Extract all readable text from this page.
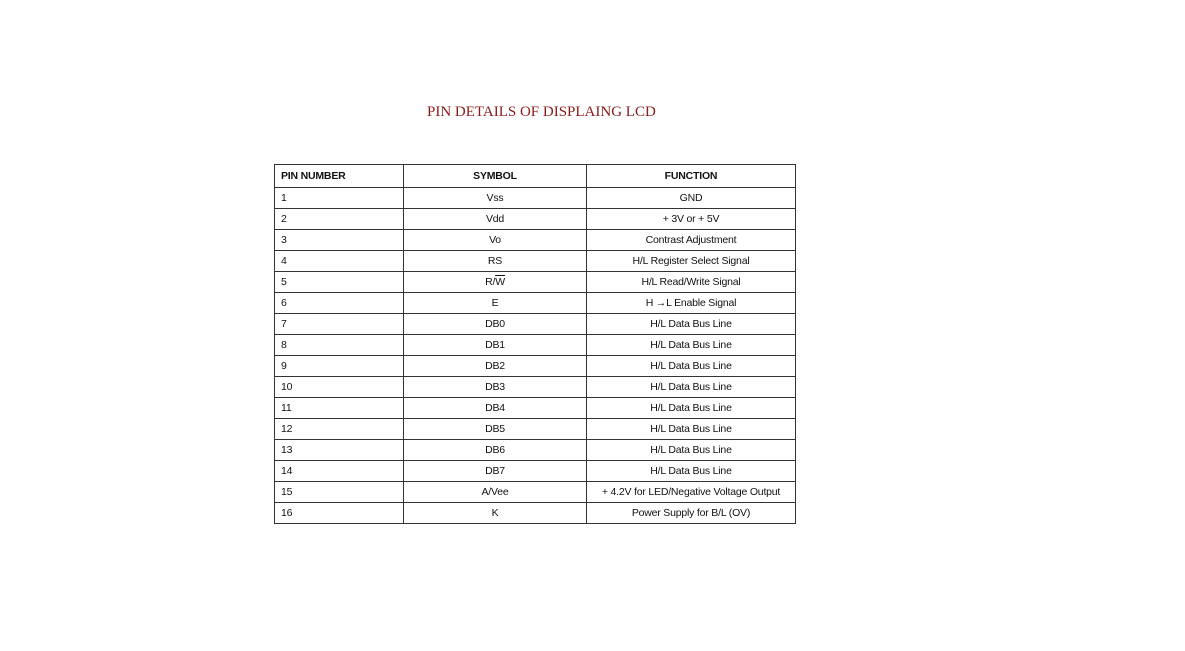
PIN DETAILS OF DISPLAING LCD
PIN NUMBER	SYMBOL	FUNCTION
1	Vss	GND
2	Vdd	+ 3V or + 5V
3	Vo	Contrast Adjustment
4	RS	H/L Register Select Signal
5	$R/\overline{W}$	H/L Read/Write Signal
6	E	H →L Enable Signal
7	DB0	H/L Data Bus Line
8	DB1	H/L Data Bus Line
9	DB2	H/L Data Bus Line
10	DB3	H/L Data Bus Line
11	DB4	H/L Data Bus Line
12	DB5	H/L Data Bus Line
13	DB6	H/L Data Bus Line
14	DB7	H/L Data Bus Line
15	A/Vee	+ 4.2V for LED/Negative Voltage Output
16	K	Power Supply for B/L (OV)
